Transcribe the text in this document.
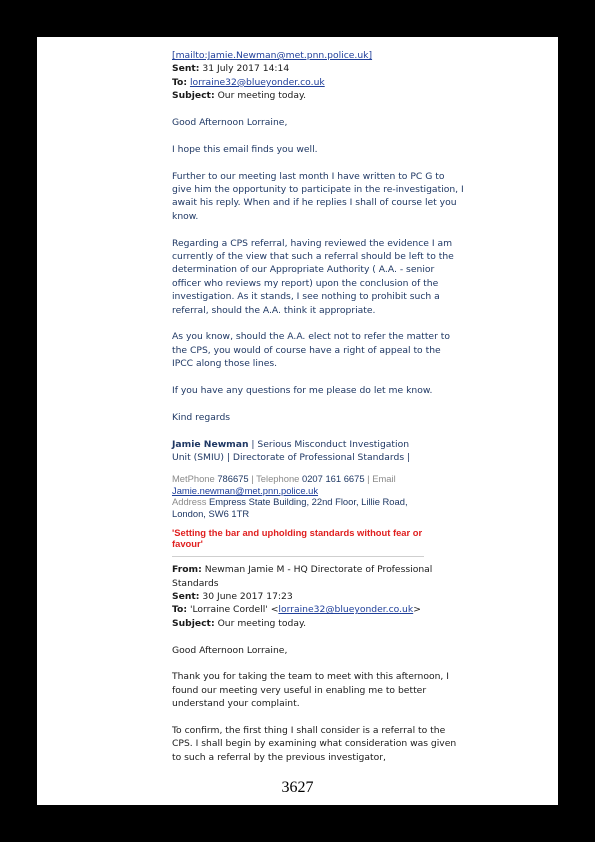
[mailto:Jamie.Newman@met.pnn.police.uk]
Sent: 31 July 2017 14:14
To: lorraine32@blueyonder.co.uk
Subject: Our meeting today.

Good Afternoon Lorraine,

I hope this email finds you well.

Further to our meeting last month I have written to PC G to give him the opportunity to participate in the re-investigation, I await his reply. When and if he replies I shall of course let you know.

Regarding a CPS referral, having reviewed the evidence I am currently of the view that such a referral should be left to the determination of our Appropriate Authority ( A.A. - senior officer who reviews my report) upon the conclusion of the investigation. As it stands, I see nothing to prohibit such a referral, should the A.A. think it appropriate.

As you know, should the A.A. elect not to refer the matter to the CPS, you would of course have a right of appeal to the IPCC along those lines.

If you have any questions for me please do let me know.

Kind regards

Jamie Newman | Serious Misconduct Investigation Unit (SMIU) | Directorate of Professional Standards |

MetPhone 786675 | Telephone 0207 161 6675 | Email
Jamie.newman@met.pnn.police.uk
Address Empress State Building, 22nd Floor, Lillie Road, London, SW6 1TR

'Setting the bar and upholding standards without fear or favour'

From: Newman Jamie M - HQ Directorate of Professional Standards

Sent: 30 June 2017 17:23
To: 'Lorraine Cordell' <lorraine32@blueyonder.co.uk>
Subject: Our meeting today.

Good Afternoon Lorraine,

Thank you for taking the team to meet with this afternoon, I found our meeting very useful in enabling me to better understand your complaint.

To confirm, the first thing I shall consider is a referral to the CPS. I shall begin by examining what consideration was given to such a referral by the previous investigator,

3627
